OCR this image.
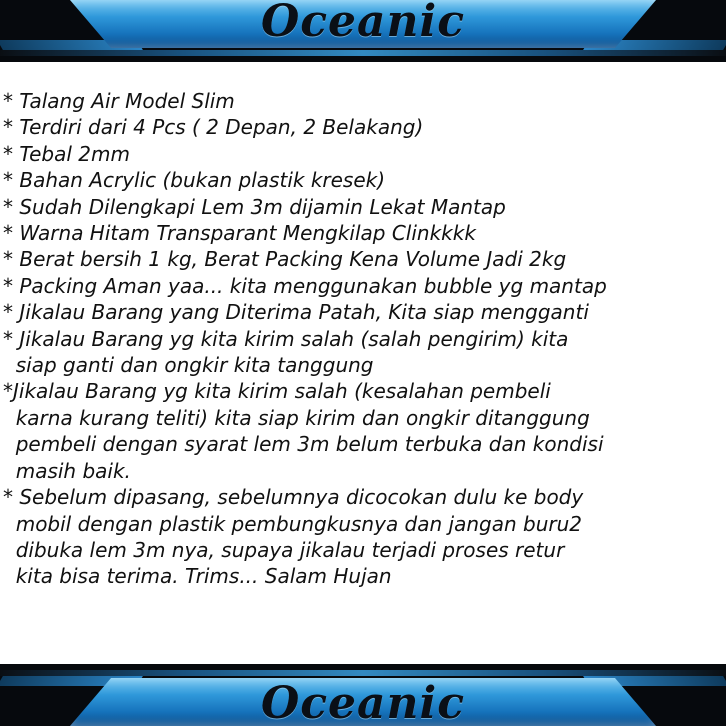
Oceanic
* Talang Air Model Slim
* Terdiri dari 4 Pcs ( 2 Depan, 2 Belakang)
* Tebal 2mm
* Bahan Acrylic (bukan plastik kresek)
* Sudah Dilengkapi Lem 3m dijamin Lekat Mantap
* Warna Hitam Transparant Mengkilap Clinkkkk
* Berat bersih 1 kg, Berat Packing Kena Volume Jadi 2kg
* Packing Aman yaa... kita menggunakan bubble yg mantap
* Jikalau Barang yang Diterima Patah, Kita siap mengganti
* Jikalau Barang yg kita kirim salah (salah pengirim) kita
siap ganti dan ongkir kita tanggung
*Jikalau Barang yg kita kirim salah (kesalahan pembeli
karna kurang teliti) kita siap kirim dan ongkir ditanggung
pembeli dengan syarat lem 3m belum terbuka dan kondisi
masih baik.
* Sebelum dipasang, sebelumnya dicocokan dulu ke body
mobil dengan plastik pembungkusnya dan jangan buru2
dibuka lem 3m nya, supaya jikalau terjadi proses retur
kita bisa terima. Trims... Salam Hujan
Oceanic
